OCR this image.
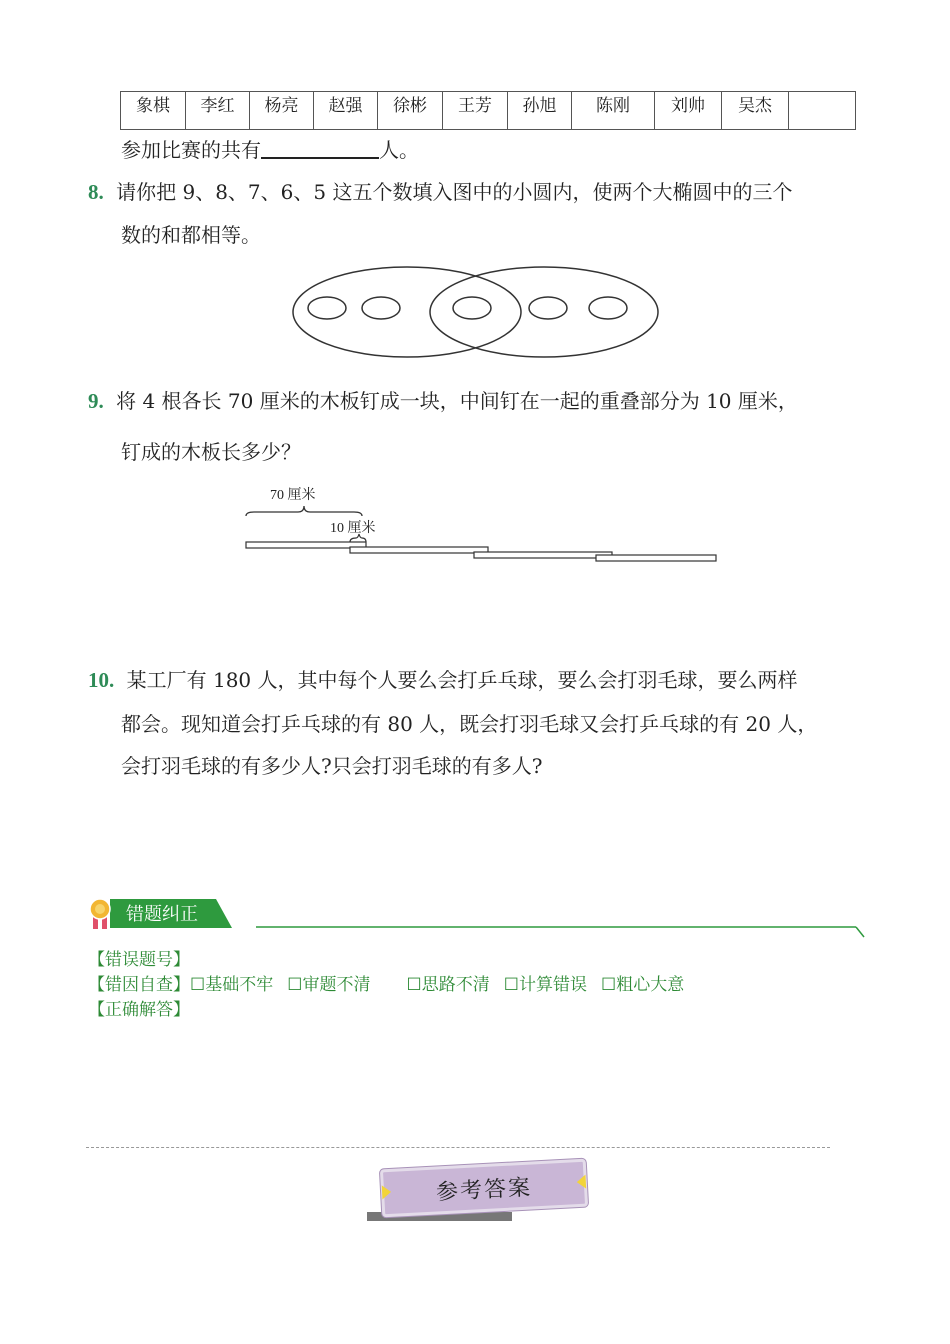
象棋	李红	杨亮	赵强	徐彬	王芳	孙旭	陈刚	刘帅	吴杰	
参加比赛的共有	人。
8. 请你把 9、8、7、6、5 这五个数填入图中的小圆内，使两个大椭圆中的三个
数的和都相等。
9. 将 4 根各长 70 厘米的木板钉成一块，中间钉在一起的重叠部分为 10 厘米，
钉成的木板长多少？
70 厘米
10 厘米
10. 某工厂有 180 人，其中每个人要么会打乒乓球，要么会打羽毛球，要么两样
都会。现知道会打乒乓球的有 80 人，既会打羽毛球又会打乒乓球的有 20 人，
会打羽毛球的有多少人?只会打羽毛球的有多人?
错题纠正
【错误题号】
【错因自查】☐基础不牢 ☐审题不清 ☐思路不清 ☐计算错误 ☐粗心大意
【正确解答】
参考答案
